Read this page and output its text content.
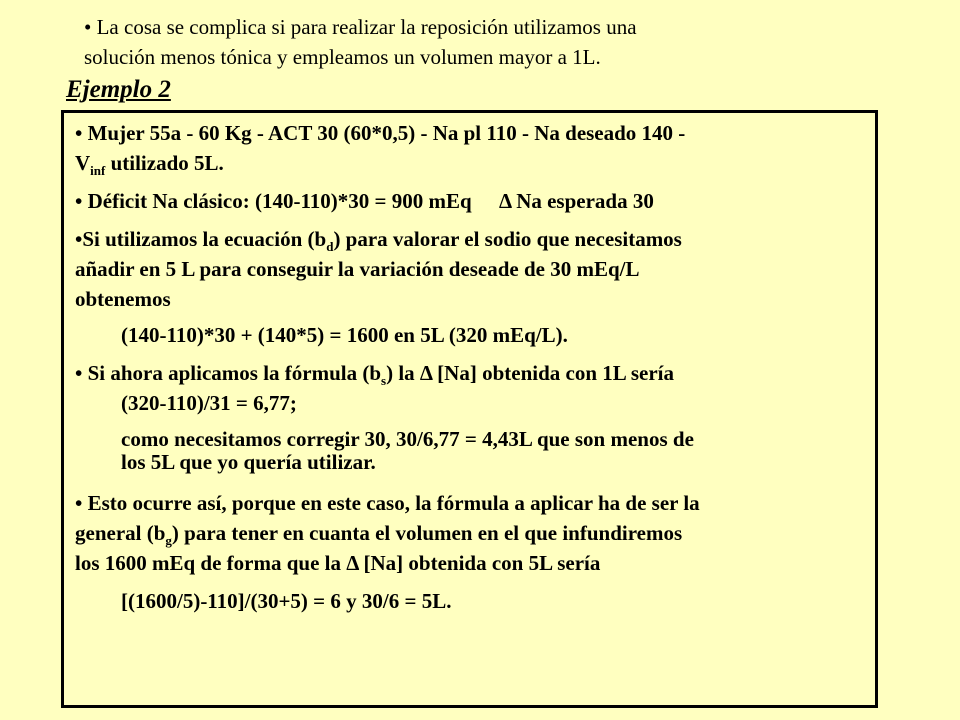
• La cosa se complica si para realizar la reposición utilizamos una
solución menos tónica y empleamos un volumen mayor a 1L.
Ejemplo 2

• Mujer 55a - 60 Kg - ACT 30 (60*0,5) - Na pl 110 - Na deseado 140 -
$V_{inf}$ utilizado 5L.

• Déficit Na clásico: (140-110)*30 = 900 mEq Δ Na esperada 30

•Si utilizamos la ecuación $(b_d)$ para valorar el sodio que necesitamos
añadir en 5 L para conseguir la variación deseade de 30 mEq/L
obtenemos

(140-110)*30 + (140*5) = 1600 en 5L (320 mEq/L).

• Si ahora aplicamos la fórmula $(b_s)$ la Δ [Na] obtenida con 1L sería

(320-110)/31 = 6,77;

como necesitamos corregir 30, 30/6,77 = 4,43L que son menos de
los 5L que yo quería utilizar.

• Esto ocurre así, porque en este caso, la fórmula a aplicar ha de ser la
general $(b_g)$ para tener en cuanta el volumen en el que infundiremos
los 1600 mEq de forma que la Δ [Na] obtenida con 5L sería

[(1600/5)-110]/(30+5) = 6 y 30/6 = 5L.
